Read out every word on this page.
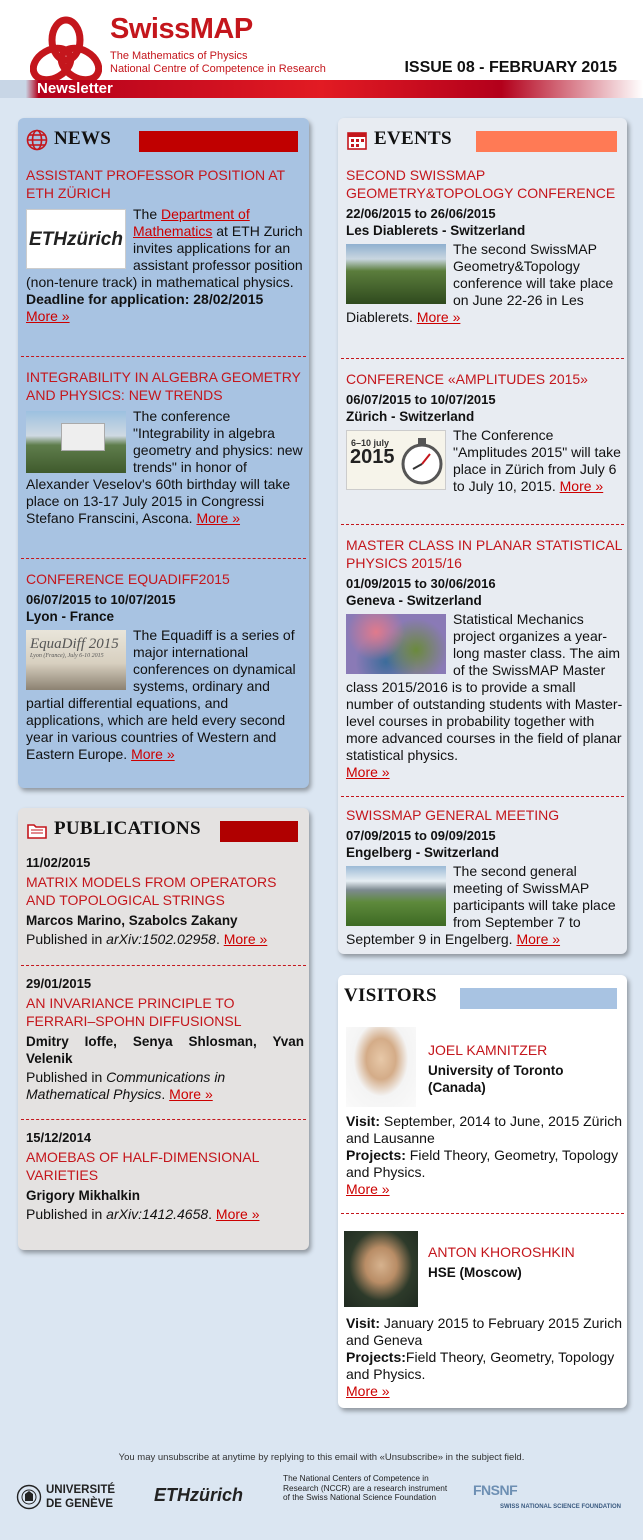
SwissMAP
The Mathematics of Physics
National Centre of Competence in Research	ISSUE 08 - FEBRUARY 2015
Newsletter
NEWS
ASSISTANT PROFESSOR POSITION AT ETH ZÜRICH
ETHzürich
The Department of Mathematics at ETH Zurich invites applications for an assistant professor position (non-tenure track) in mathematical physics.
Deadline for application: 28/02/2015
More »
INTEGRABILITY IN ALGEBRA GEOMETRY AND PHYSICS: NEW TRENDS
The conference "Integrability in algebra geometry and physics: new trends" in honor of Alexander Veselov's 60th birthday will take place on 13-17 July 2015 in Congressi Stefano Franscini, Ascona. More »
CONFERENCE EQUADIFF2015
06/07/2015 to 10/07/2015
Lyon - France
EquaDiff 2015
Lyon (France), July 6-10 2015
The Equadiff is a series of major international conferences on dynamical systems, ordinary and partial differential equations, and applications, which are held every second year in various countries of Western and Eastern Europe. More »
EVENTS
SECOND SWISSMAP GEOMETRY&TOPOLOGY CONFERENCE
22/06/2015 to 26/06/2015
Les Diablerets - Switzerland
The second SwissMAP Geometry&Topology conference will take place on June 22-26 in Les Diablerets. More »
CONFERENCE «AMPLITUDES 2015»
06/07/2015 to 10/07/2015
Zürich - Switzerland
6–10 july
2015
The Conference "Amplitudes 2015" will take place in Zürich from July 6 to July 10, 2015. More »
MASTER CLASS IN PLANAR STATISTICAL PHYSICS 2015/16
01/09/2015 to 30/06/2016
Geneva - Switzerland
Statistical Mechanics project organizes a year-long master class. The aim of the SwissMAP Master class 2015/2016 is to provide a small number of outstanding students with Master-level courses in probability together with more advanced courses in the field of planar statistical physics.
More »
SWISSMAP GENERAL MEETING
07/09/2015 to 09/09/2015
Engelberg - Switzerland
The second general meeting of SwissMAP participants will take place from September 7 to September 9 in Engelberg. More »
PUBLICATIONS
11/02/2015
MATRIX MODELS FROM OPERATORS AND TOPOLOGICAL STRINGS
Marcos Marino, Szabolcs Zakany
Published in arXiv:1502.02958. More »
29/01/2015
AN INVARIANCE PRINCIPLE TO FERRARI–SPOHN DIFFUSIONSL
Dmitry Ioffe, Senya Shlosman, Yvan Velenik
Published in Communications in Mathematical Physics. More »
15/12/2014
AMOEBAS OF HALF-DIMENSIONAL VARIETIES
Grigory Mikhalkin
Published in arXiv:1412.4658. More »
VISITORS
JOEL KAMNITZER
University of Toronto (Canada)
Visit: September, 2014 to June, 2015 Zürich and Lausanne
Projects: Field Theory, Geometry, Topology and Physics.
More »
ANTON KHOROSHKIN
HSE (Moscow)
Visit: January 2015 to February 2015 Zurich and Geneva
Projects:Field Theory, Geometry, Topology and Physics.
More »
You may unsubscribe at anytime by replying to this email with «Unsubscribe» in the subject field.
UNIVERSITÉ
DE GENÈVE ETHzürich
The National Centers of Competence in Research (NCCR) are a research instrument of the Swiss National Science Foundation	FNSNF
SWISS NATIONAL SCIENCE FOUNDATION
